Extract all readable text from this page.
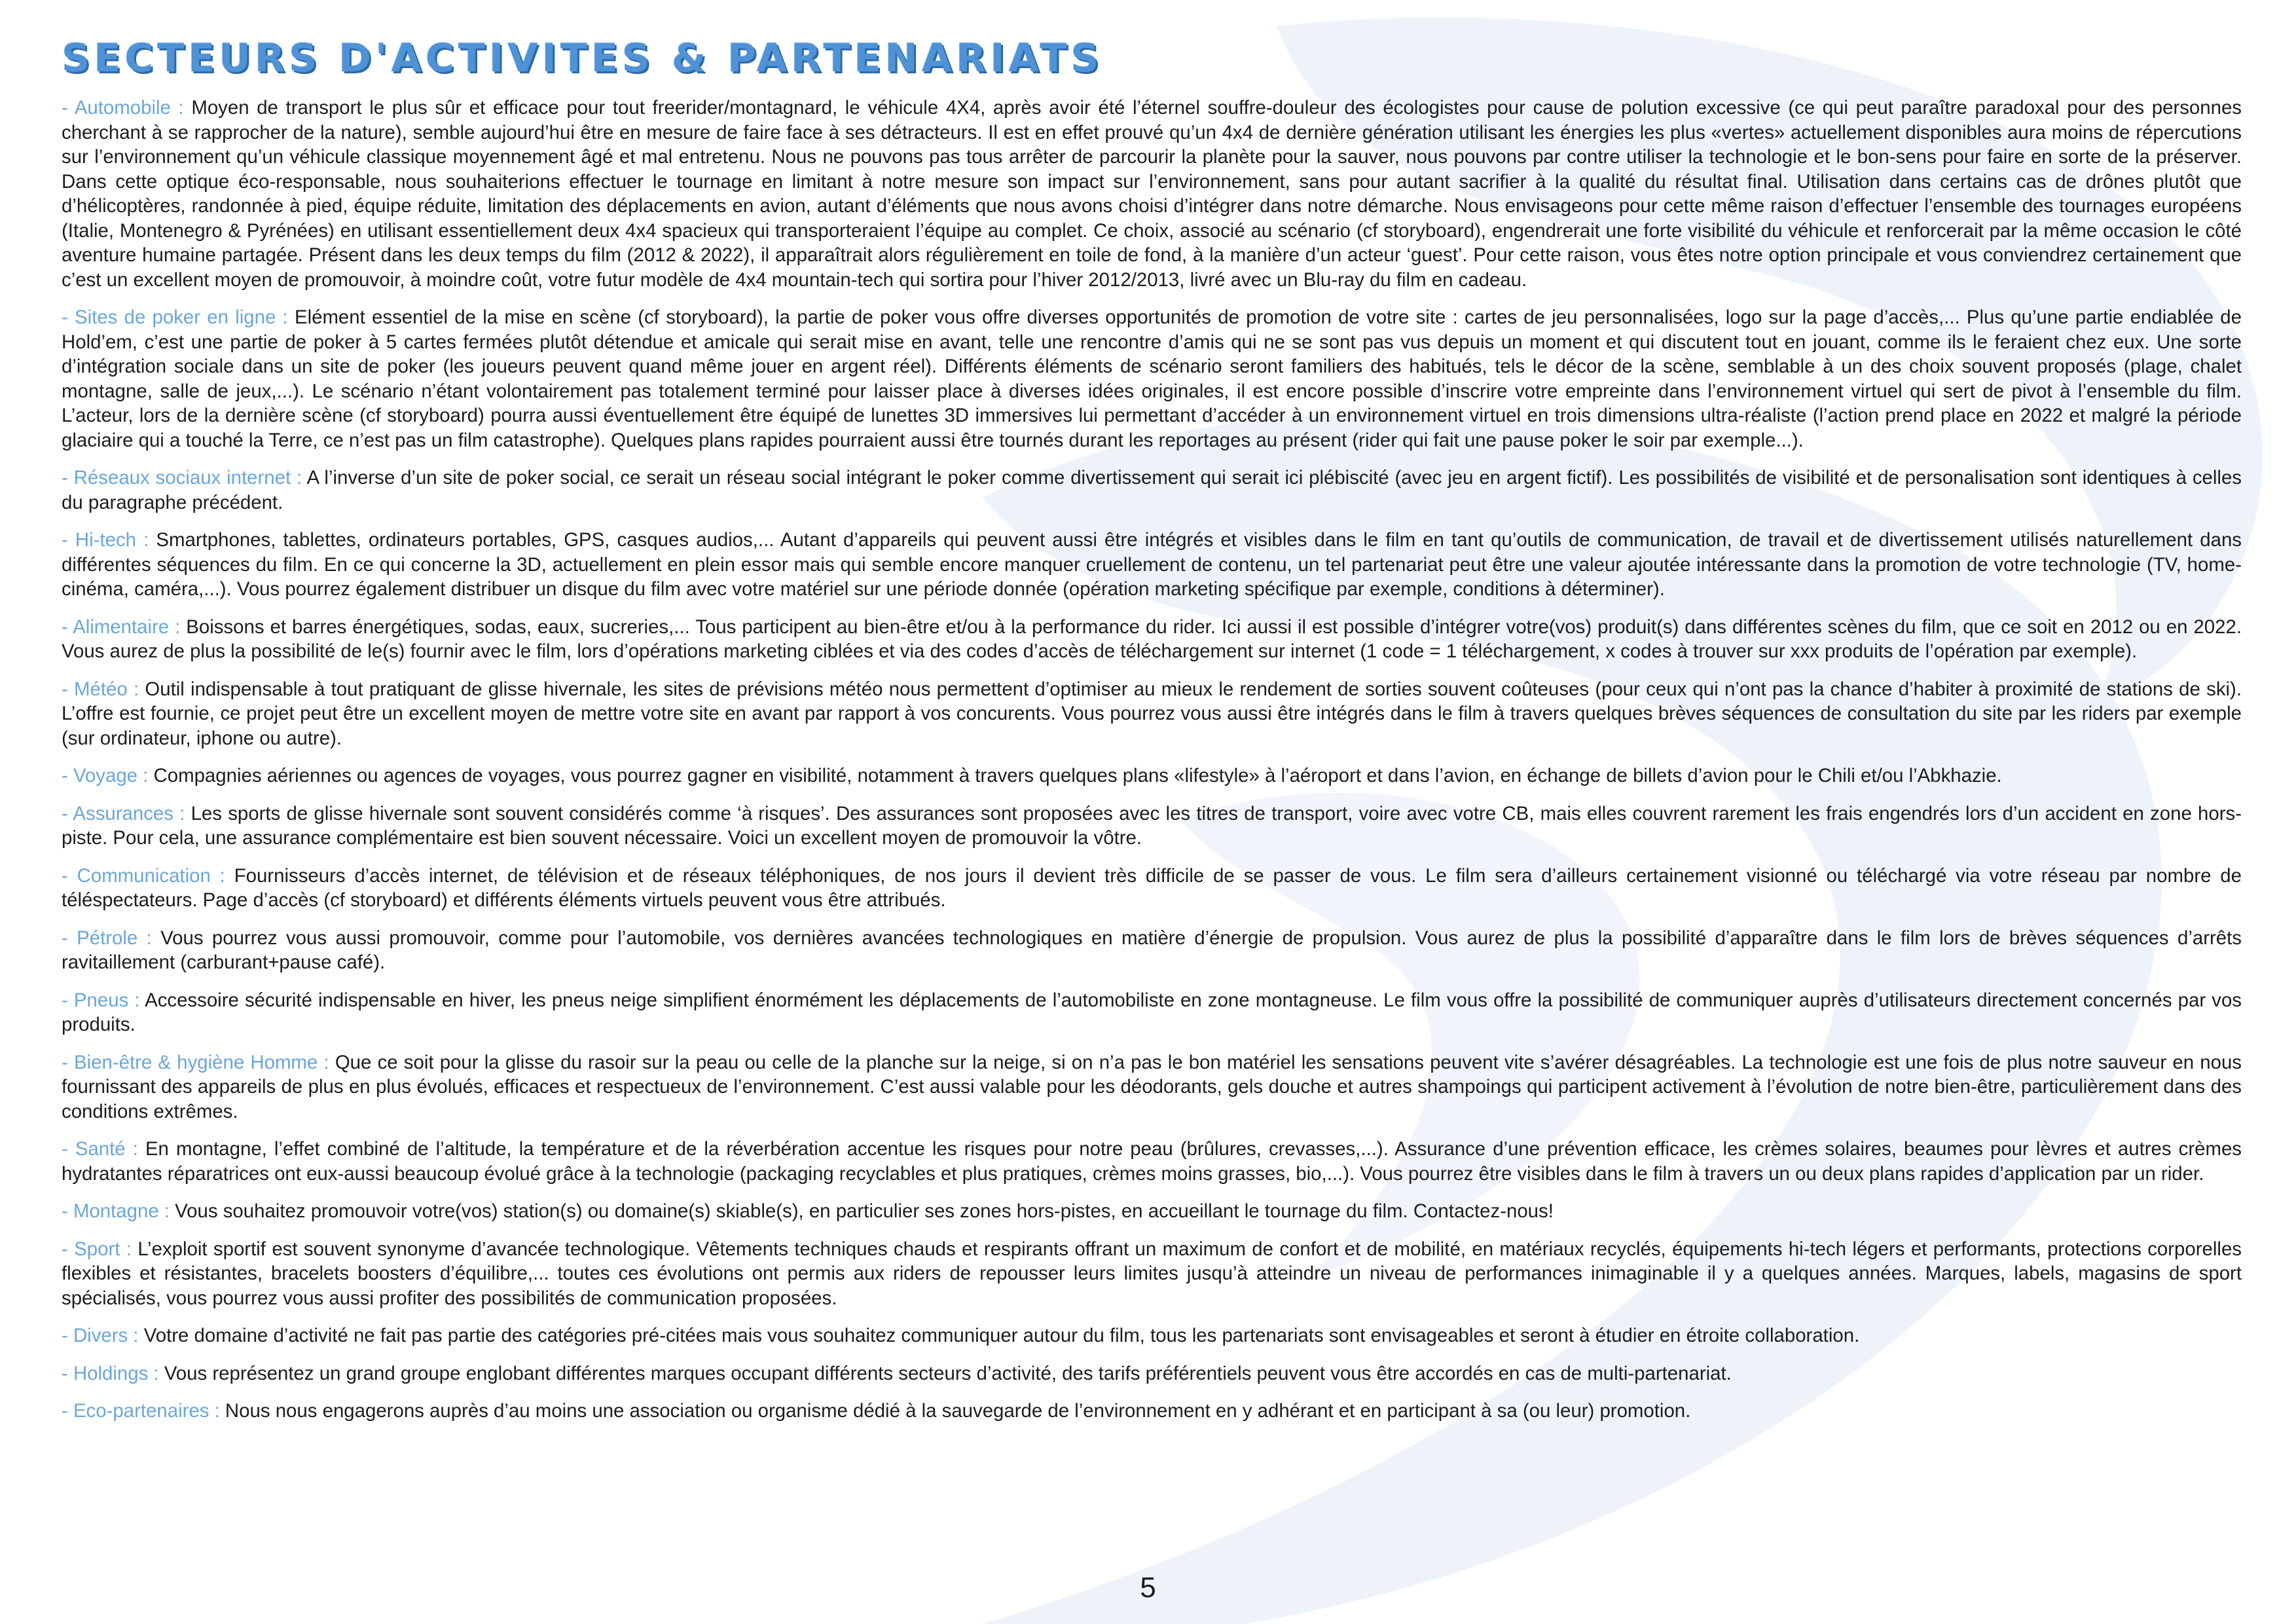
SECTEURS D'ACTIVITES & PARTENARIATS

- Automobile : Moyen de transport le plus sûr et efficace pour tout freerider/montagnard, le véhicule 4X4, après avoir été l’éternel souffre-douleur des écologistes pour cause de polution excessive (ce qui peut paraître paradoxal pour des personnes cherchant à se rapprocher de la nature), semble aujourd’hui être en mesure de faire face à ses détracteurs. Il est en effet prouvé qu’un 4x4 de dernière génération utilisant les énergies les plus «vertes» actuellement disponibles aura moins de répercutions sur l’environnement qu’un véhicule classique moyennement âgé et mal entretenu. Nous ne pouvons pas tous arrêter de parcourir la planète pour la sauver, nous pouvons par contre utiliser la technologie et le bon-sens pour faire en sorte de la préserver. Dans cette optique éco-responsable, nous souhaiterions effectuer le tournage en limitant à notre mesure son impact sur l’environnement, sans pour autant sacrifier à la qualité du résultat final. Utilisation dans certains cas de drônes plutôt que d’hélicoptères, randonnée à pied, équipe réduite, limitation des déplacements en avion, autant d’éléments que nous avons choisi d’intégrer dans notre démarche. Nous envisageons pour cette même raison d’effectuer l’ensemble des tournages européens (Italie, Montenegro & Pyrénées) en utilisant essentiellement deux 4x4 spacieux qui transporteraient l’équipe au complet. Ce choix, associé au scénario (cf storyboard), engendrerait une forte visibilité du véhicule et renforcerait par la même occasion le côté aventure humaine partagée. Présent dans les deux temps du film (2012 & 2022), il apparaîtrait alors régulièrement en toile de fond, à la manière d’un acteur ‘guest’. Pour cette raison, vous êtes notre option principale et vous conviendrez certainement que c’est un excellent moyen de promouvoir, à moindre coût, votre futur modèle de 4x4 mountain-tech qui sortira pour l’hiver 2012/2013, livré avec un Blu-ray du film en cadeau.

- Sites de poker en ligne : Elément essentiel de la mise en scène (cf storyboard), la partie de poker vous offre diverses opportunités de promotion de votre site : cartes de jeu personnalisées, logo sur la page d’accès,... Plus qu’une partie endiablée de Hold’em, c’est une partie de poker à 5 cartes fermées plutôt détendue et amicale qui serait mise en avant, telle une rencontre d’amis qui ne se sont pas vus depuis un moment et qui discutent tout en jouant, comme ils le feraient chez eux. Une sorte d’intégration sociale dans un site de poker (les joueurs peuvent quand même jouer en argent réel). Différents éléments de scénario seront familiers des habitués, tels le décor de la scène, semblable à un des choix souvent proposés (plage, chalet montagne, salle de jeux,...). Le scénario n’étant volontairement pas totalement terminé pour laisser place à diverses idées originales, il est encore possible d’inscrire votre empreinte dans l’environnement virtuel qui sert de pivot à l’ensemble du film. L’acteur, lors de la dernière scène (cf storyboard) pourra aussi éventuellement être équipé de lunettes 3D immersives lui permettant d’accéder à un environnement virtuel en trois dimensions ultra-réaliste (l’action prend place en 2022 et malgré la période glaciaire qui a touché la Terre, ce n’est pas un film catastrophe). Quelques plans rapides pourraient aussi être tournés durant les reportages au présent (rider qui fait une pause poker le soir par exemple...).

- Réseaux sociaux internet : A l’inverse d’un site de poker social, ce serait un réseau social intégrant le poker comme divertissement qui serait ici plébiscité (avec jeu en argent fictif). Les possibilités de visibilité et de personalisation sont identiques à celles du paragraphe précédent.

- Hi-tech : Smartphones, tablettes, ordinateurs portables, GPS, casques audios,... Autant d’appareils qui peuvent aussi être intégrés et visibles dans le film en tant qu’outils de communication, de travail et de divertissement utilisés naturellement dans différentes séquences du film. En ce qui concerne la 3D, actuellement en plein essor mais qui semble encore manquer cruellement de contenu, un tel partenariat peut être une valeur ajoutée intéressante dans la promotion de votre technologie (TV, home-cinéma, caméra,...). Vous pourrez également distribuer un disque du film avec votre matériel sur une période donnée (opération marketing spécifique par exemple, conditions à déterminer).

- Alimentaire : Boissons et barres énergétiques, sodas, eaux, sucreries,... Tous participent au bien-être et/ou à la performance du rider. Ici aussi il est possible d’intégrer votre(vos) produit(s) dans différentes scènes du film, que ce soit en 2012 ou en 2022. Vous aurez de plus la possibilité de le(s) fournir avec le film, lors d’opérations marketing ciblées et via des codes d’accès de téléchargement sur internet (1 code = 1 téléchargement, x codes à trouver sur xxx produits de l’opération par exemple).

- Météo : Outil indispensable à tout pratiquant de glisse hivernale, les sites de prévisions météo nous permettent d’optimiser au mieux le rendement de sorties souvent coûteuses (pour ceux qui n’ont pas la chance d’habiter à proximité de stations de ski). L’offre est fournie, ce projet peut être un excellent moyen de mettre votre site en avant par rapport à vos concurents. Vous pourrez vous aussi être intégrés dans le film à travers quelques brèves séquences de consultation du site par les riders par exemple (sur ordinateur, iphone ou autre).

- Voyage : Compagnies aériennes ou agences de voyages, vous pourrez gagner en visibilité, notamment à travers quelques plans «lifestyle» à l’aéroport et dans l’avion, en échange de billets d’avion pour le Chili et/ou l’Abkhazie.

- Assurances : Les sports de glisse hivernale sont souvent considérés comme ‘à risques’. Des assurances sont proposées avec les titres de transport, voire avec votre CB, mais elles couvrent rarement les frais engendrés lors d’un accident en zone hors-piste. Pour cela, une assurance complémentaire est bien souvent nécessaire. Voici un excellent moyen de promouvoir la vôtre.

- Communication : Fournisseurs d’accès internet, de télévision et de réseaux téléphoniques, de nos jours il devient très difficile de se passer de vous. Le film sera d’ailleurs certainement visionné ou téléchargé via votre réseau par nombre de téléspectateurs. Page d’accès (cf storyboard) et différents éléments virtuels peuvent vous être attribués.

- Pétrole : Vous pourrez vous aussi promouvoir, comme pour l’automobile, vos dernières avancées technologiques en matière d’énergie de propulsion. Vous aurez de plus la possibilité d’apparaître dans le film lors de brèves séquences d’arrêts ravitaillement (carburant+pause café).

- Pneus : Accessoire sécurité indispensable en hiver, les pneus neige simplifient énormément les déplacements de l’automobiliste en zone montagneuse. Le film vous offre la possibilité de communiquer auprès d’utilisateurs directement concernés par vos produits.

- Bien-être & hygiène Homme : Que ce soit pour la glisse du rasoir sur la peau ou celle de la planche sur la neige, si on n’a pas le bon matériel les sensations peuvent vite s’avérer désagréables. La technologie est une fois de plus notre sauveur en nous fournissant des appareils de plus en plus évolués, efficaces et respectueux de l’environnement. C’est aussi valable pour les déodorants, gels douche et autres shampoings qui participent activement à l’évolution de notre bien-être, particulièrement dans des conditions extrêmes.

- Santé : En montagne, l’effet combiné de l’altitude, la température et de la réverbération accentue les risques pour notre peau (brûlures, crevasses,...). Assurance d’une prévention efficace, les crèmes solaires, beaumes pour lèvres et autres crèmes hydratantes réparatrices ont eux-aussi beaucoup évolué grâce à la technologie (packaging recyclables et plus pratiques, crèmes moins grasses, bio,...). Vous pourrez être visibles dans le film à travers un ou deux plans rapides d’application par un rider.

- Montagne : Vous souhaitez promouvoir votre(vos) station(s) ou domaine(s) skiable(s), en particulier ses zones hors-pistes, en accueillant le tournage du film. Contactez-nous!

- Sport : L’exploit sportif est souvent synonyme d’avancée technologique. Vêtements techniques chauds et respirants offrant un maximum de confort et de mobilité, en matériaux recyclés, équipements hi-tech légers et performants, protections corporelles flexibles et résistantes, bracelets boosters d’équilibre,... toutes ces évolutions ont permis aux riders de repousser leurs limites jusqu’à atteindre un niveau de performances inimaginable il y a quelques années. Marques, labels, magasins de sport spécialisés, vous pourrez vous aussi profiter des possibilités de communication proposées.

- Divers : Votre domaine d’activité ne fait pas partie des catégories pré-citées mais vous souhaitez communiquer autour du film, tous les partenariats sont envisageables et seront à étudier en étroite collaboration.

- Holdings : Vous représentez un grand groupe englobant différentes marques occupant différents secteurs d’activité, des tarifs préférentiels peuvent vous être accordés en cas de multi-partenariat.

- Eco-partenaires : Nous nous engagerons auprès d’au moins une association ou organisme dédié à la sauvegarde de l’environnement en y adhérant et en participant à sa (ou leur) promotion.

5
